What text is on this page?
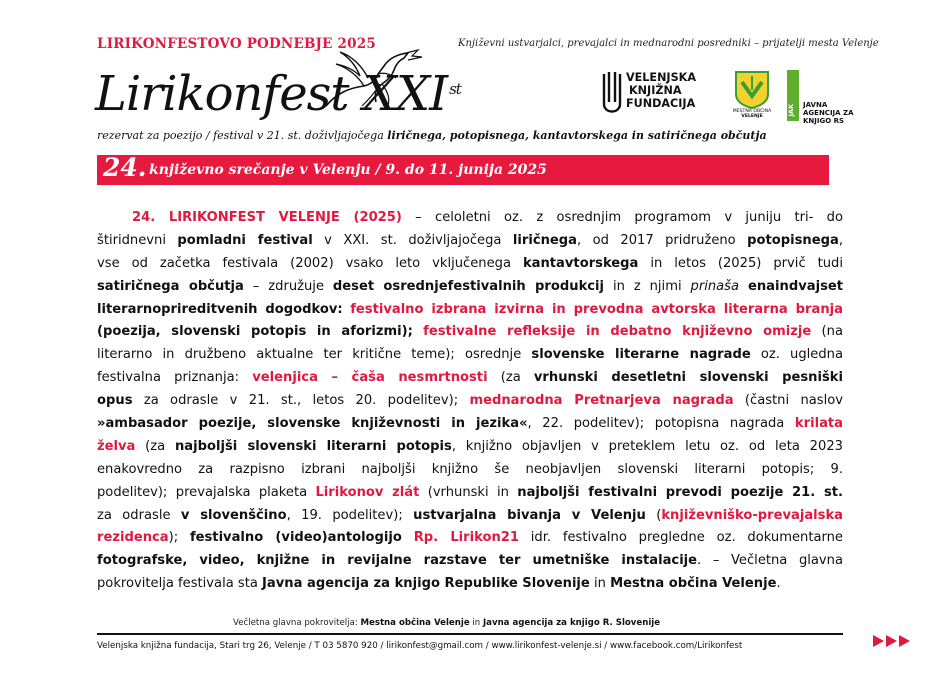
LIRIKONFESTOVO PODNEBJE 2025	Književni ustvarjalci, prevajalci in mednarodni posredniki – prijatelji mesta Velenje
Lirikonfest XXI $^{st}$
rezervat za poezijo / festival v 21. st. doživljajočega liričnega, potopisnega, kantavtorskega in satiričnega občutja
VELENJSKA
KNJIŽNA
FUNDACIJA
MESTNA OBČINA
VELENJE	JAK	JAVNA
AGENCIJA ZA
KNJIGO RS
24. književno srečanje v Velenju / 9. do 11. junija 2025
24. LIRIKONFEST VELENJE (2025) – celoletni oz. z osrednjim programom v juniju tri- do
štiridnevni pomladni festival v XXI. st. doživljajočega liričnega, od 2017 pridruženo potopisnega,
vse od začetka festivala (2002) vsako leto vključenega kantavtorskega in letos (2025) prvič tudi
satiričnega občutja – združuje deset osrednjefestivalnih produkcij in z njimi prinaša enaindvajset
literarnoprireditvenih dogodkov: festivalno izbrana izvirna in prevodna avtorska literarna branja
(poezija, slovenski potopis in aforizmi); festivalne refleksije in debatno književno omizje (na
literarno in družbeno aktualne ter kritične teme); osrednje slovenske literarne nagrade oz. ugledna
festivalna priznanja: velenjica – čaša nesmrtnosti (za vrhunski desetletni slovenski pesniški
opus za odrasle v 21. st., letos 20. podelitev); mednarodna Pretnarjeva nagrada (častni naslov
»ambasador poezije, slovenske književnosti in jezika«, 22. podelitev); potopisna nagrada krilata
želva (za najboljši slovenski literarni potopis, knjižno objavljen v preteklem letu oz. od leta 2023
enakovredno za razpisno izbrani najboljši knjižno še neobjavljen slovenski literarni potopis; 9.
podelitev); prevajalska plaketa Lirikonov zlát (vrhunski in najboljši festivalni prevodi poezije 21. st.
za odrasle v slovenščino, 19. podelitev); ustvarjalna bivanja v Velenju (književniško-prevajalska
rezidenca); festivalno (video)antologijo Rp. Lirikon21 idr. festivalno pregledne oz. dokumentarne
fotografske, video, knjižne in revijalne razstave ter umetniške instalacije. – Večletna glavna
pokrovitelja festivala sta Javna agencija za knjigo Republike Slovenije in Mestna občina Velenje.
Večletna glavna pokrovitelja: Mestna občina Velenje in Javna agencija za knjigo R. Slovenije
Velenjska knjižna fundacija, Stari trg 26, Velenje / T 03 5870 920 / lirikonfest@gmail.com / www.lirikonfest-velenje.si / www.facebook.com/Lirikonfest
